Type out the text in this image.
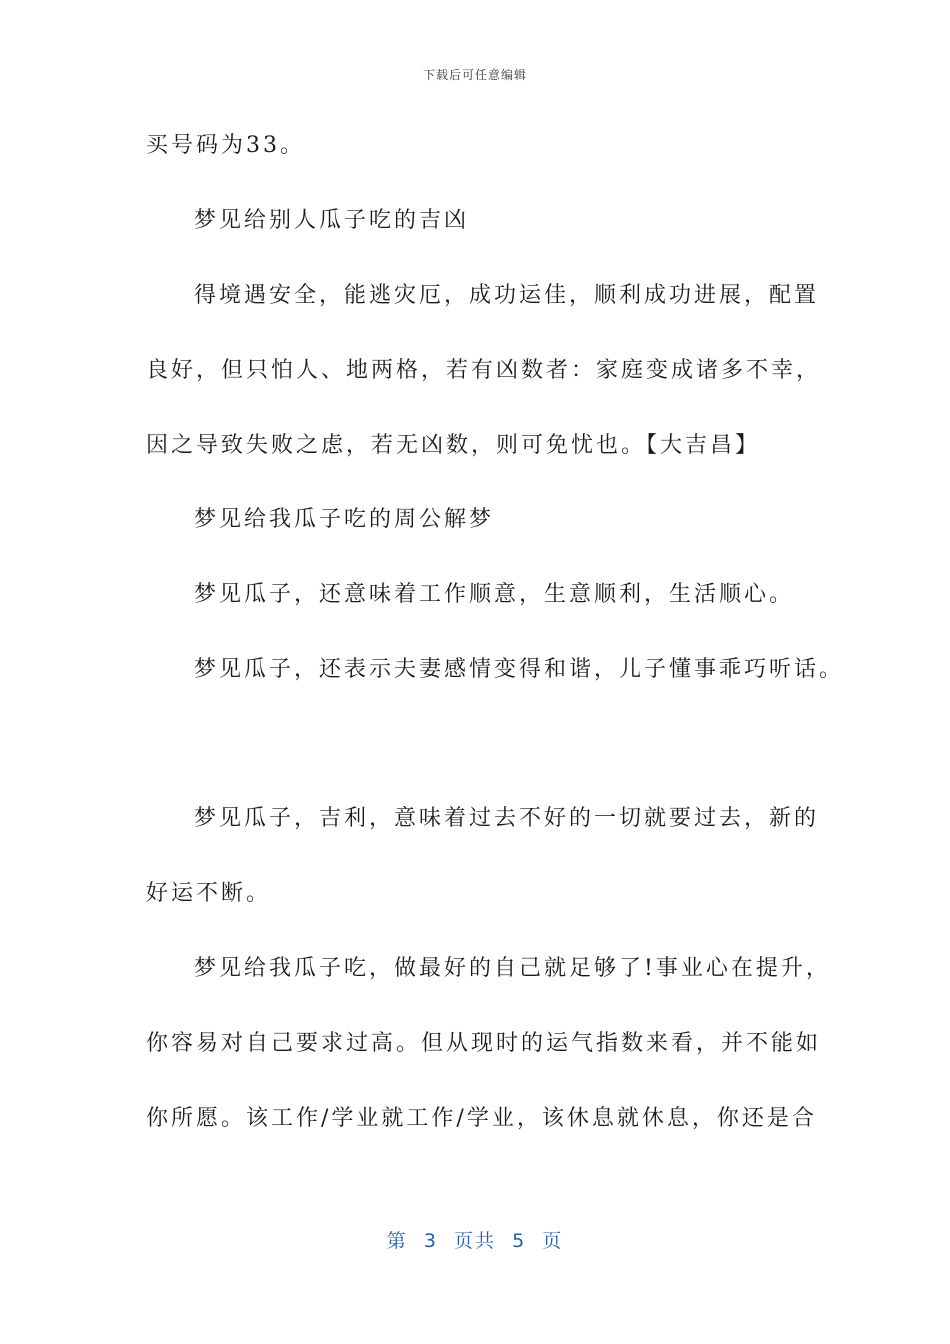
下载后可任意编辑
买号码为33。
梦见给别人瓜子吃的吉凶
得境遇安全，能逃灾厄，成功运佳，顺利成功进展，配置
良好，但只怕人、地两格，若有凶数者：家庭变成诸多不幸，
因之导致失败之虑，若无凶数，则可免忧也。【大吉昌】
梦见给我瓜子吃的周公解梦
梦见瓜子，还意味着工作顺意，生意顺利，生活顺心。
梦见瓜子，还表示夫妻感情变得和谐，儿子懂事乖巧听话。
梦见瓜子，吉利，意味着过去不好的一切就要过去，新的
好运不断。
梦见给我瓜子吃，做最好的自己就足够了!事业心在提升，
你容易对自己要求过高。但从现时的运气指数来看，并不能如
你所愿。该工作/学业就工作/学业，该休息就休息，你还是合
第  3  页共  5  页
